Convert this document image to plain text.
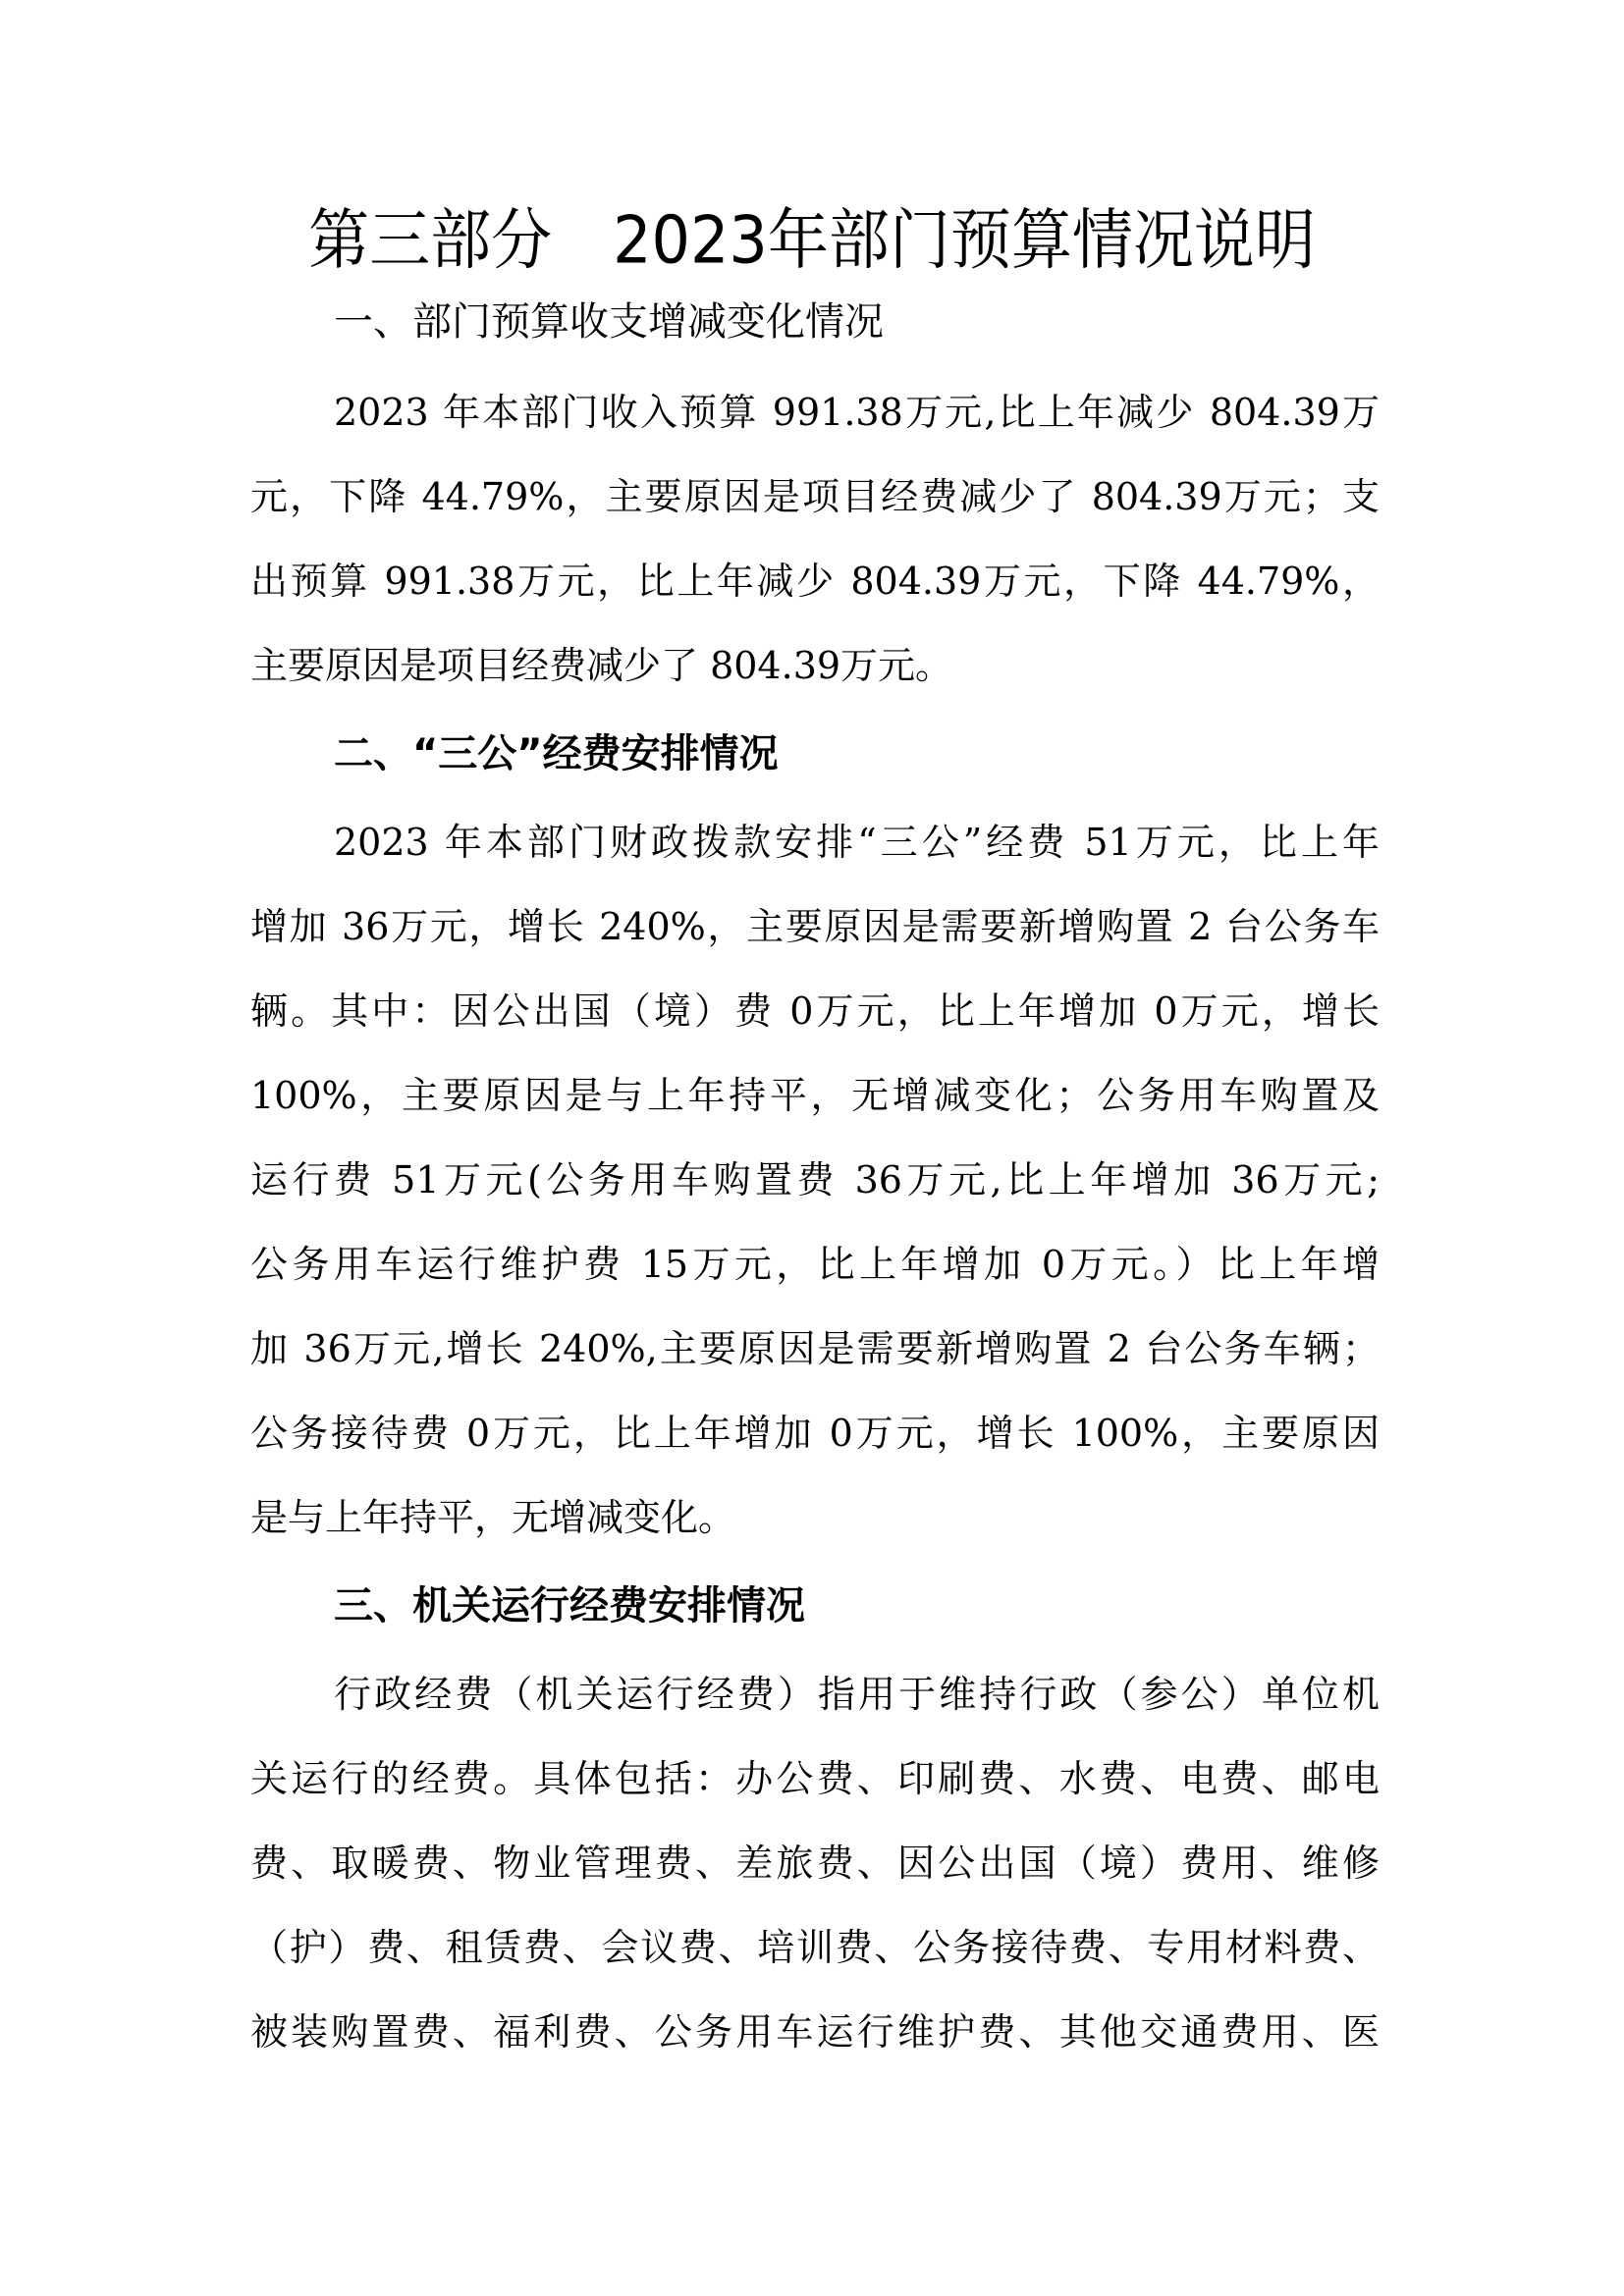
第三部分　2023年部门预算情况说明
一、部门预算收支增减变化情况
2023 年本部门收入预算 991.38万元,比上年减少 804.39万
元，下降 44.79%，主要原因是项目经费减少了 804.39万元；支
出预算 991.38万元，比上年减少 804.39万元，下降 44.79%，
主要原因是项目经费减少了 804.39万元。
二、“三公”经费安排情况
2023 年本部门财政拨款安排“三公”经费 51万元，比上年
增加 36万元，增长 240%，主要原因是需要新增购置 2 台公务车
辆。其中：因公出国（境）费 0万元，比上年增加 0万元，增长
100%，主要原因是与上年持平，无增减变化；公务用车购置及
运行费 51万元(公务用车购置费 36万元,比上年增加 36万元;
公务用车运行维护费 15万元，比上年增加 0万元。）比上年增
加 36万元,增长 240%,主要原因是需要新增购置 2 台公务车辆；
公务接待费 0万元，比上年增加 0万元，增长 100%，主要原因
是与上年持平，无增减变化。
三、机关运行经费安排情况
行政经费（机关运行经费）指用于维持行政（参公）单位机
关运行的经费。具体包括：办公费、印刷费、水费、电费、邮电
费、取暖费、物业管理费、差旅费、因公出国（境）费用、维修
（护）费、租赁费、会议费、培训费、公务接待费、专用材料费、
被装购置费、福利费、公务用车运行维护费、其他交通费用、医
